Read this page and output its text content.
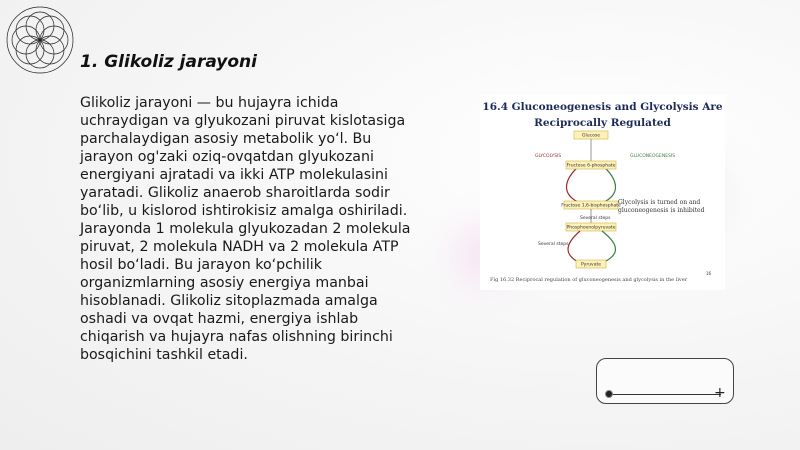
1. Glikoliz jarayoni
Glikoliz jarayoni — bu hujayra ichida uchraydigan va glyukozani piruvat kislotasiga parchalaydigan asosiy metabolik yo‘l. Bu jarayon og'zaki oziq-ovqatdan glyukozani energiyani ajratadi va ikki ATP molekulasini yaratadi. Glikoliz anaerob sharoitlarda sodir bo‘lib, u kislorod ishtirokisiz amalga oshiriladi. Jarayonda 1 molekula glyukozadan 2 molekula piruvat, 2 molekula NADH va 2 molekula ATP hosil bo‘ladi. Bu jarayon ko‘pchilik organizmlarning asosiy energiya manbai hisoblanadi. Glikoliz sitoplazmada amalga oshadi va ovqat hazmi, energiya ishlab chiqarish va hujayra nafas olishning birinchi bosqichini tashkil etadi.
16.4 Gluconeogenesis and Glycolysis Are
Reciprocally Regulated
Glucose
GLYCOLYSIS	GLUCONEOGENESIS
Fructose 6-phosphate
Fructose 1,6-bisphosphate
Several steps
Phosphoenolpyruvate
Several steps
Pyruvate
16
Glycolysis is turned on and gluconeogenesis is inhibited
Fig 16.32 Reciprocal regulation of gluconeogenesis and glycolysis in the liver
+
